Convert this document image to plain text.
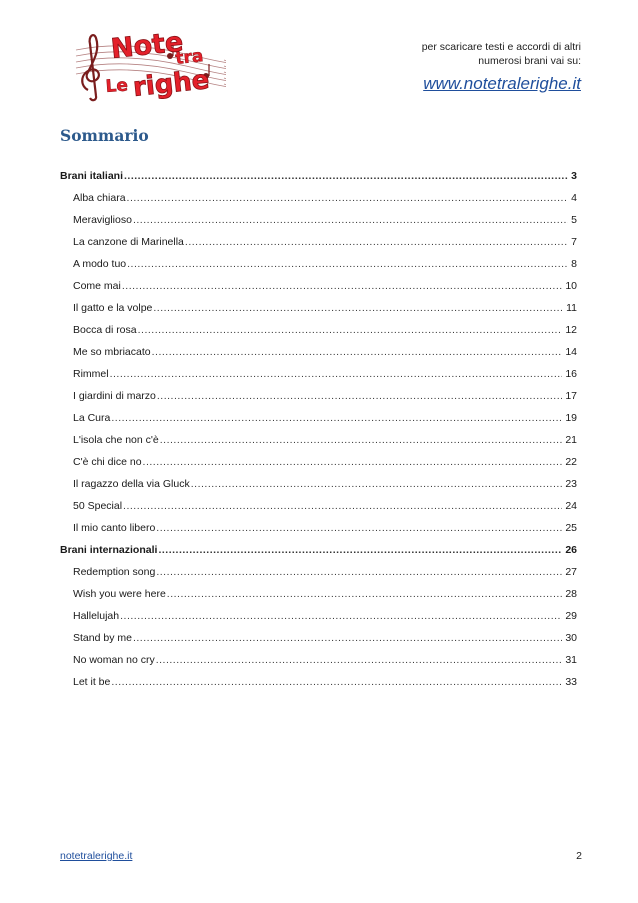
Note
tra
Le righe
per scaricare testi e accordi di altri
numerosi brani vai su:
www.notetralerighe.it
Sommario
Brani italiani .....	3
Alba chiara .....	4
Meraviglioso .....	5
La canzone di Marinella .....	7
A modo tuo .....	8
Come mai .....	10
Il gatto e la volpe .....	11
Bocca di rosa .....	12
Me so mbriacato .....	14
Rimmel .....	16
I giardini di marzo .....	17
La Cura .....	19
L'isola che non c'è .....	21
C'è chi dice no .....	22
Il ragazzo della via Gluck .....	23
50 Special .....	24
Il mio canto libero .....	25
Brani internazionali .....	26
Redemption song .....	27
Wish you were here .....	28
Hallelujah .....	29
Stand by me .....	30
No woman no cry .....	31
Let it be .....	33
notetralerighe.it	2
